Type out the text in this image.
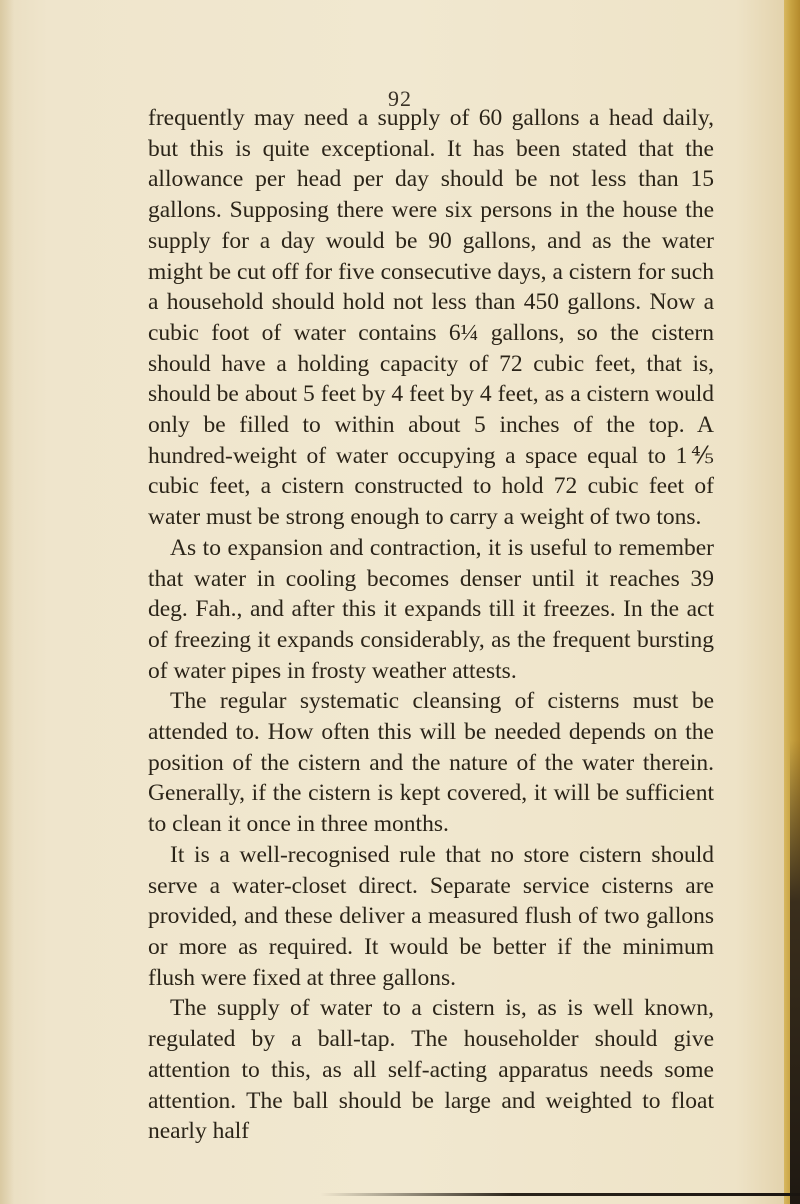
92

frequently may need a supply of 60 gallons a head daily, but this is quite exceptional. It has been stated that the allowance per head per day should be not less than 15 gallons. Supposing there were six persons in the house the supply for a day would be 90 gallons, and as the water might be cut off for five consecutive days, a cistern for such a household should hold not less than 450 gallons. Now a cubic foot of water contains 6¼ gallons, so the cistern should have a holding capacity of 72 cubic feet, that is, should be about 5 feet by 4 feet by 4 feet, as a cistern would only be filled to within about 5 inches of the top. A hundred-weight of water occupying a space equal to 1⅘ cubic feet, a cistern constructed to hold 72 cubic feet of water must be strong enough to carry a weight of two tons.

As to expansion and contraction, it is useful to remember that water in cooling becomes denser until it reaches 39 deg. Fah., and after this it expands till it freezes. In the act of freezing it expands considerably, as the frequent bursting of water pipes in frosty weather attests.

The regular systematic cleansing of cisterns must be attended to. How often this will be needed depends on the position of the cistern and the nature of the water therein. Generally, if the cistern is kept covered, it will be sufficient to clean it once in three months.

It is a well-recognised rule that no store cistern should serve a water-closet direct. Separate service cisterns are provided, and these deliver a measured flush of two gallons or more as required. It would be better if the minimum flush were fixed at three gallons.

The supply of water to a cistern is, as is well known, regulated by a ball-tap. The householder should give attention to this, as all self-acting apparatus needs some attention. The ball should be large and weighted to float nearly half
